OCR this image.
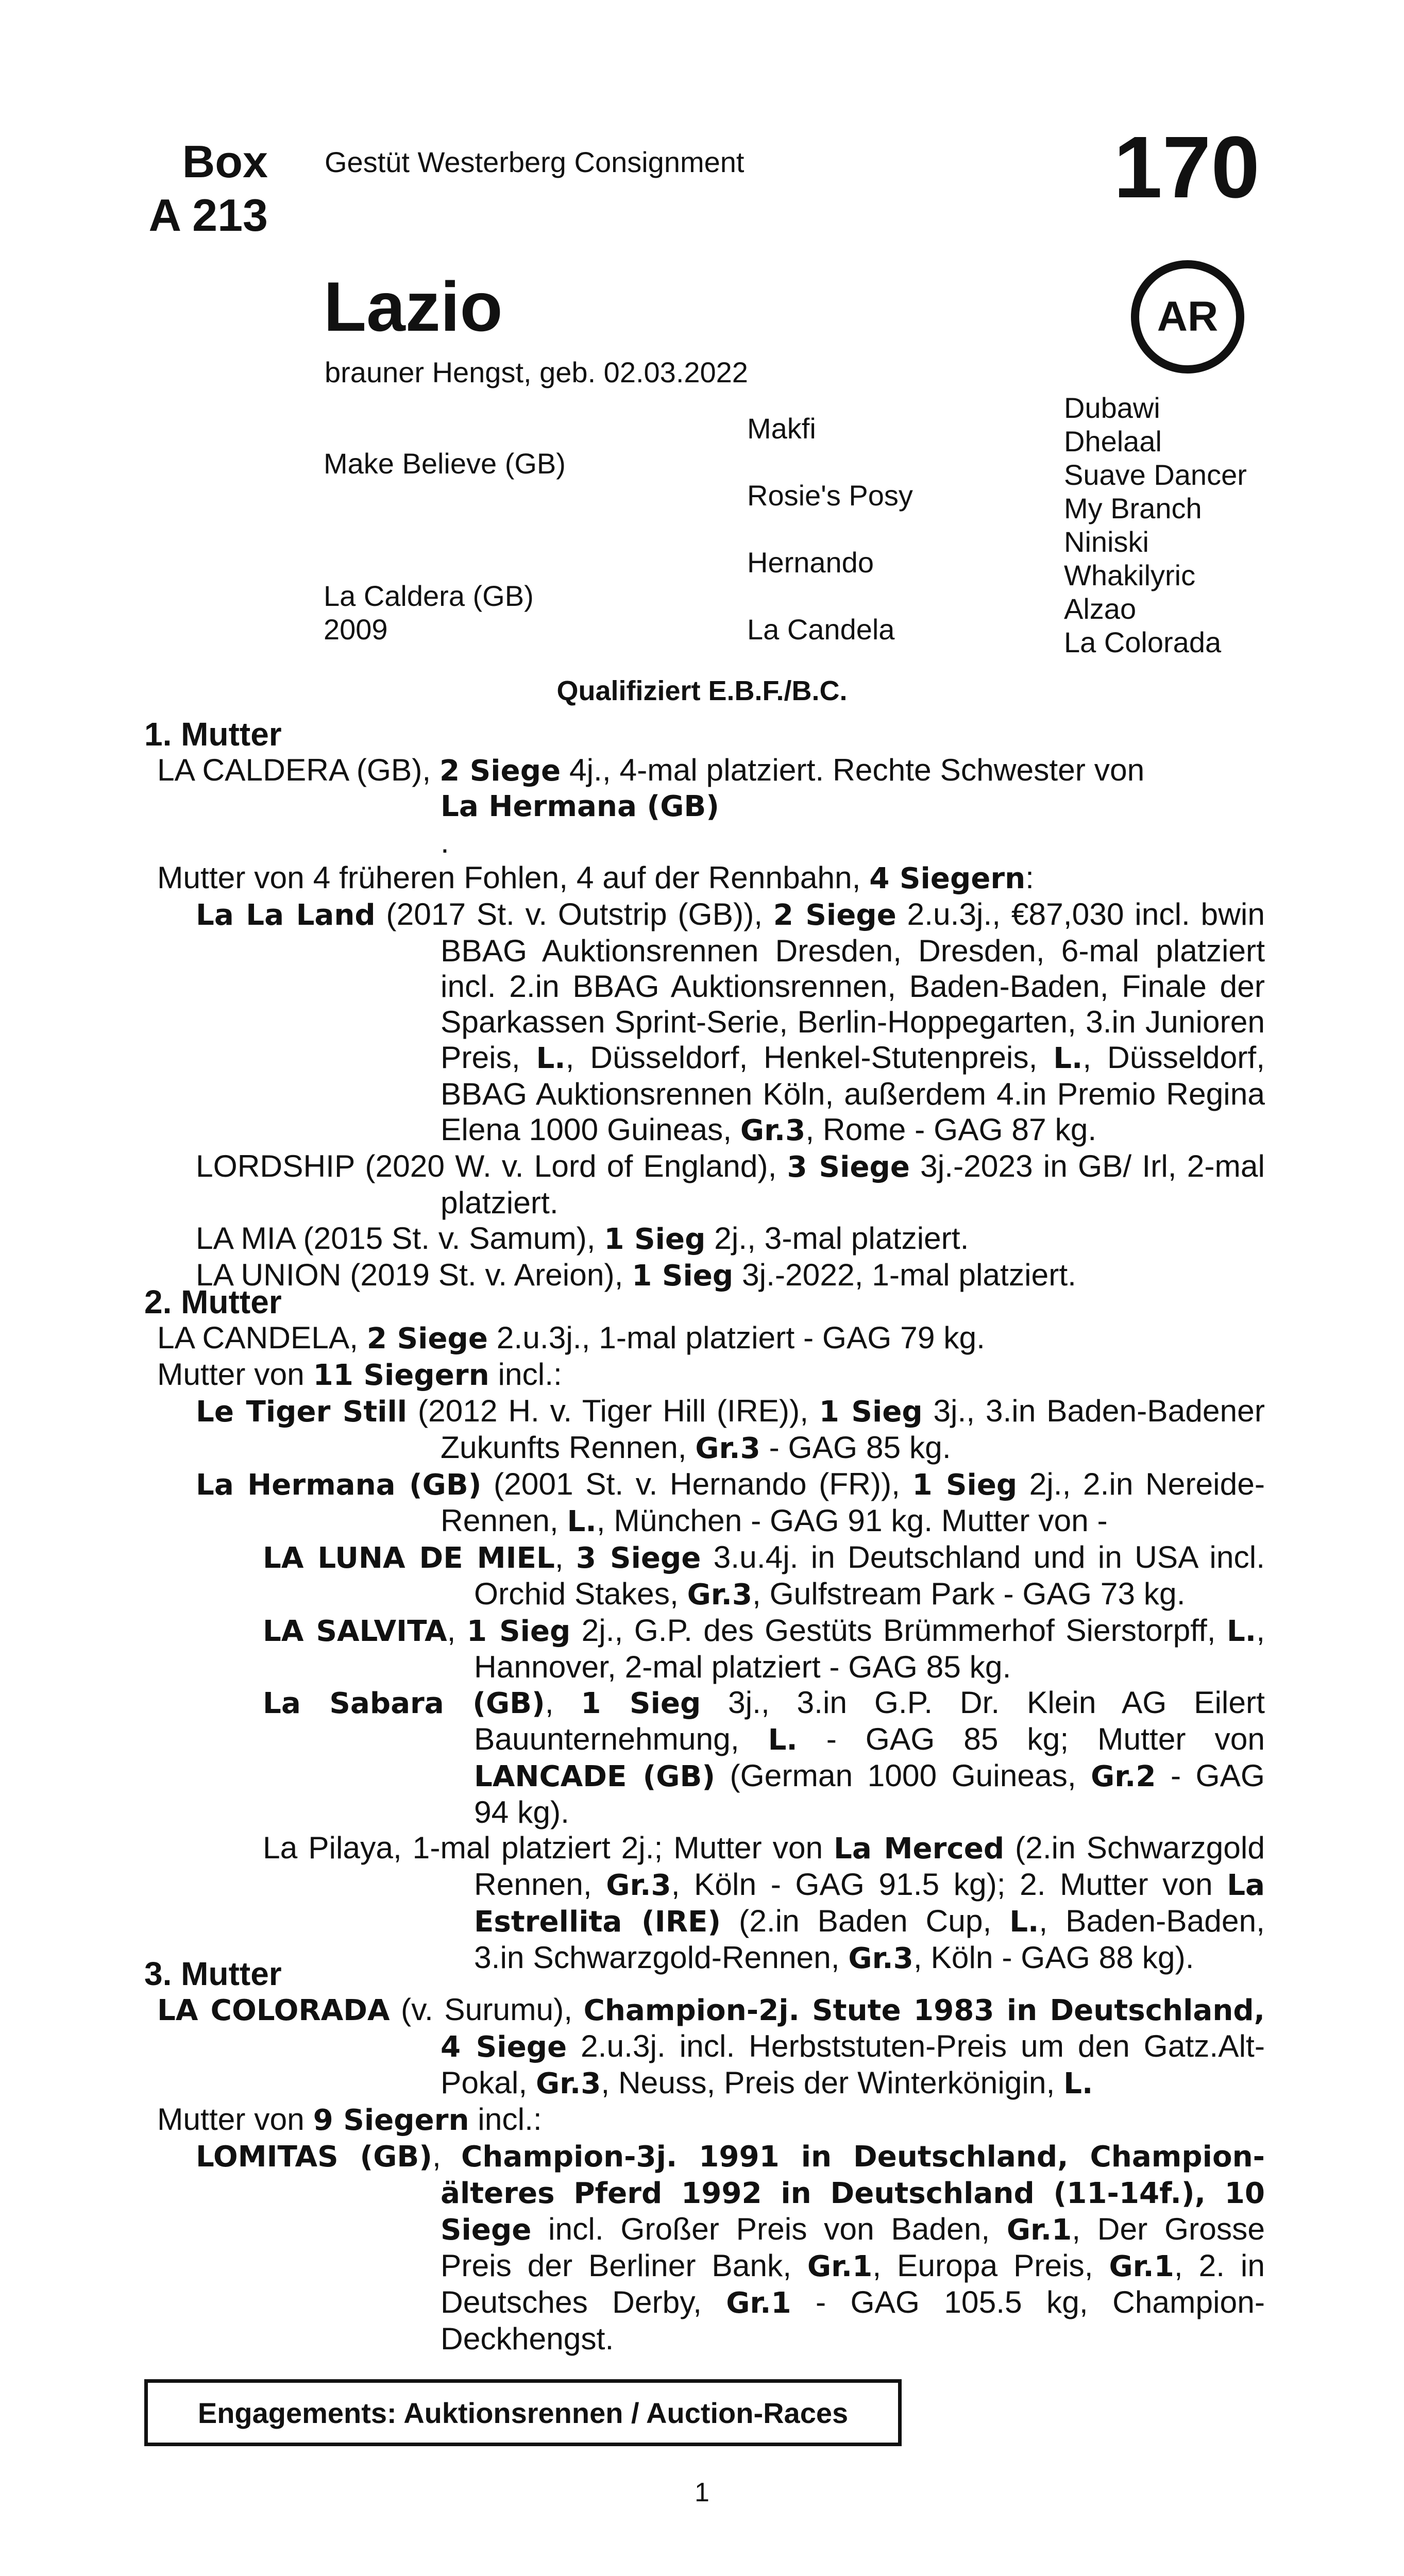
Box
A 213
Gestüt Westerberg Consignment	170
AR
Lazio
brauner Hengst, geb. 02.03.2022
Make Believe (GB)
La Caldera (GB)
2009
Makfi
Rosie's Posy
Hernando
La Candela
Dubawi
Dhelaal
Suave Dancer
My Branch
Niniski
Whakilyric
Alzao
La Colorada
Qualifiziert E.B.F./B.C.
1. Mutter
LA CALDERA (GB), 2 Siege 4j., 4-mal platziert. Rechte Schwester von
La Hermana (GB)
.
Mutter von 4 früheren Fohlen, 4 auf der Rennbahn, 4 Siegern:
La La Land (2017 St. v. Outstrip (GB)), 2 Siege 2.u.3j., €87,030 incl. bwin BBAG Auktionsrennen Dresden, Dresden, 6-mal platziert incl. 2.in BBAG Auktionsrennen, Baden-Baden, Finale der Sparkassen Sprint-Serie, Berlin-Hoppegarten, 3.in Junioren Preis, L., Düsseldorf, Henkel-Stutenpreis, L., Düsseldorf, BBAG Auktionsrennen Köln, außerdem 4.in Premio Regina Elena 1000 Guineas, Gr.3, Rome - GAG 87 kg.
LORDSHIP (2020 W. v. Lord of England), 3 Siege 3j.-2023 in GB/ Irl, 2-mal platziert.
LA MIA (2015 St. v. Samum), 1 Sieg 2j., 3-mal platziert.
LA UNION (2019 St. v. Areion), 1 Sieg 3j.-2022, 1-mal platziert.
2. Mutter
LA CANDELA, 2 Siege 2.u.3j., 1-mal platziert - GAG 79 kg.
Mutter von 11 Siegern incl.:
Le Tiger Still (2012 H. v. Tiger Hill (IRE)), 1 Sieg 3j., 3.in Baden-Badener Zukunfts Rennen, Gr.3 - GAG 85 kg.
La Hermana (GB) (2001 St. v. Hernando (FR)), 1 Sieg 2j., 2.in Nereide-Rennen, L., München - GAG 91 kg. Mutter von -
LA LUNA DE MIEL, 3 Siege 3.u.4j. in Deutschland und in USA incl. Orchid Stakes, Gr.3, Gulfstream Park - GAG 73 kg.
LA SALVITA, 1 Sieg 2j., G.P. des Gestüts Brümmerhof Sierstorpff, L., Hannover, 2-mal platziert - GAG 85 kg.
La Sabara (GB), 1 Sieg 3j., 3.in G.P. Dr. Klein AG Eilert Bauunternehmung, L. - GAG 85 kg; Mutter von LANCADE (GB) (German 1000 Guineas, Gr.2 - GAG 94 kg).
La Pilaya, 1-mal platziert 2j.; Mutter von La Merced (2.in Schwarzgold Rennen, Gr.3, Köln - GAG 91.5 kg); 2. Mutter von La Estrellita (IRE) (2.in Baden Cup, L., Baden-Baden, 3.in Schwarzgold-Rennen, Gr.3, Köln - GAG 88 kg).
3. Mutter
LA COLORADA (v. Surumu), Champion-2j. Stute 1983 in Deutschland, 4 Siege 2.u.3j. incl. Herbststuten-Preis um den Gatz.Alt-Pokal, Gr.3, Neuss, Preis der Winterkönigin, L.
Mutter von 9 Siegern incl.:
LOMITAS (GB), Champion-3j. 1991 in Deutschland, Champion-älteres Pferd 1992 in Deutschland (11-14f.), 10 Siege incl. Großer Preis von Baden, Gr.1, Der Grosse Preis der Berliner Bank, Gr.1, Europa Preis, Gr.1, 2. in Deutsches Derby, Gr.1 - GAG 105.5 kg, Champion-Deckhengst.
Engagements: Auktionsrennen / Auction-Races
1
